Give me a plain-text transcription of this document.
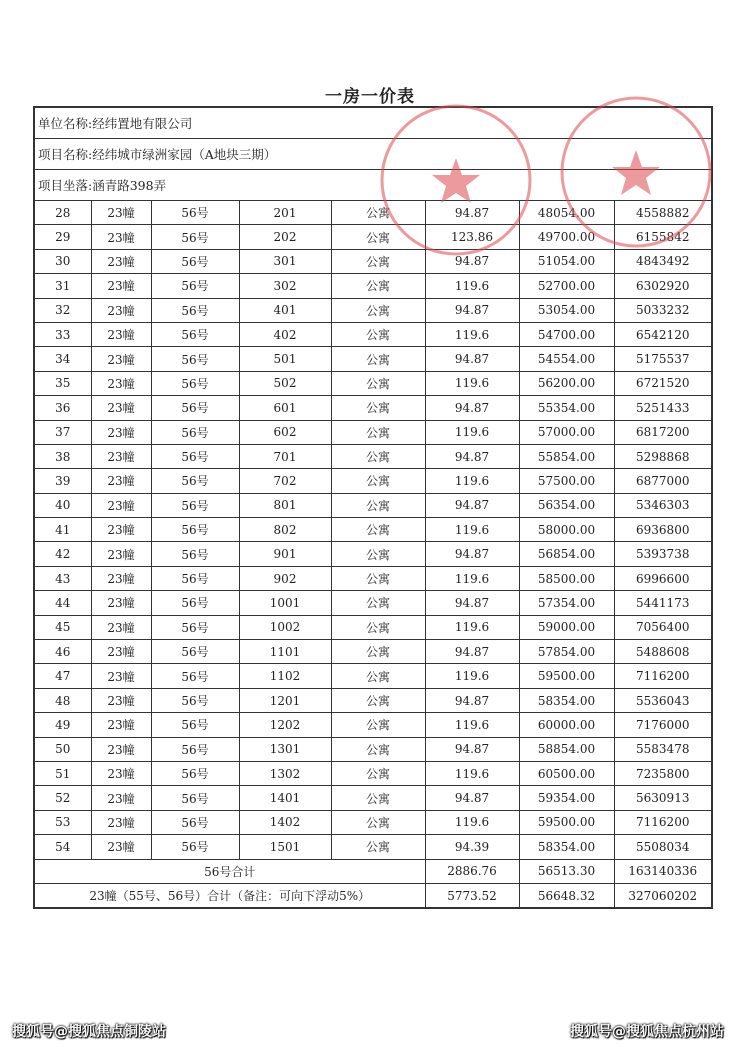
一房一价表
单位名称:经纬置地有限公司
项目名称:经纬城市绿洲家园（A地块三期）
项目坐落:涵青路398弄
28	23幢	56号	201	公寓	94.87	48054.00	4558882
29	23幢	56号	202	公寓	123.86	49700.00	6155842
30	23幢	56号	301	公寓	94.87	51054.00	4843492
31	23幢	56号	302	公寓	119.6	52700.00	6302920
32	23幢	56号	401	公寓	94.87	53054.00	5033232
33	23幢	56号	402	公寓	119.6	54700.00	6542120
34	23幢	56号	501	公寓	94.87	54554.00	5175537
35	23幢	56号	502	公寓	119.6	56200.00	6721520
36	23幢	56号	601	公寓	94.87	55354.00	5251433
37	23幢	56号	602	公寓	119.6	57000.00	6817200
38	23幢	56号	701	公寓	94.87	55854.00	5298868
39	23幢	56号	702	公寓	119.6	57500.00	6877000
40	23幢	56号	801	公寓	94.87	56354.00	5346303
41	23幢	56号	802	公寓	119.6	58000.00	6936800
42	23幢	56号	901	公寓	94.87	56854.00	5393738
43	23幢	56号	902	公寓	119.6	58500.00	6996600
44	23幢	56号	1001	公寓	94.87	57354.00	5441173
45	23幢	56号	1002	公寓	119.6	59000.00	7056400
46	23幢	56号	1101	公寓	94.87	57854.00	5488608
47	23幢	56号	1102	公寓	119.6	59500.00	7116200
48	23幢	56号	1201	公寓	94.87	58354.00	5536043
49	23幢	56号	1202	公寓	119.6	60000.00	7176000
50	23幢	56号	1301	公寓	94.87	58854.00	5583478
51	23幢	56号	1302	公寓	119.6	60500.00	7235800
52	23幢	56号	1401	公寓	94.87	59354.00	5630913
53	23幢	56号	1402	公寓	119.6	59500.00	7116200
54	23幢	56号	1501	公寓	94.39	58354.00	5508034
56号合计					2886.76	56513.30	163140336
23幢（55号、56号）合计（备注：可向下浮动5%）					5773.52	56648.32	327060202
搜狐号@搜狐焦点铜陵站	搜狐号@搜狐焦点杭州站
